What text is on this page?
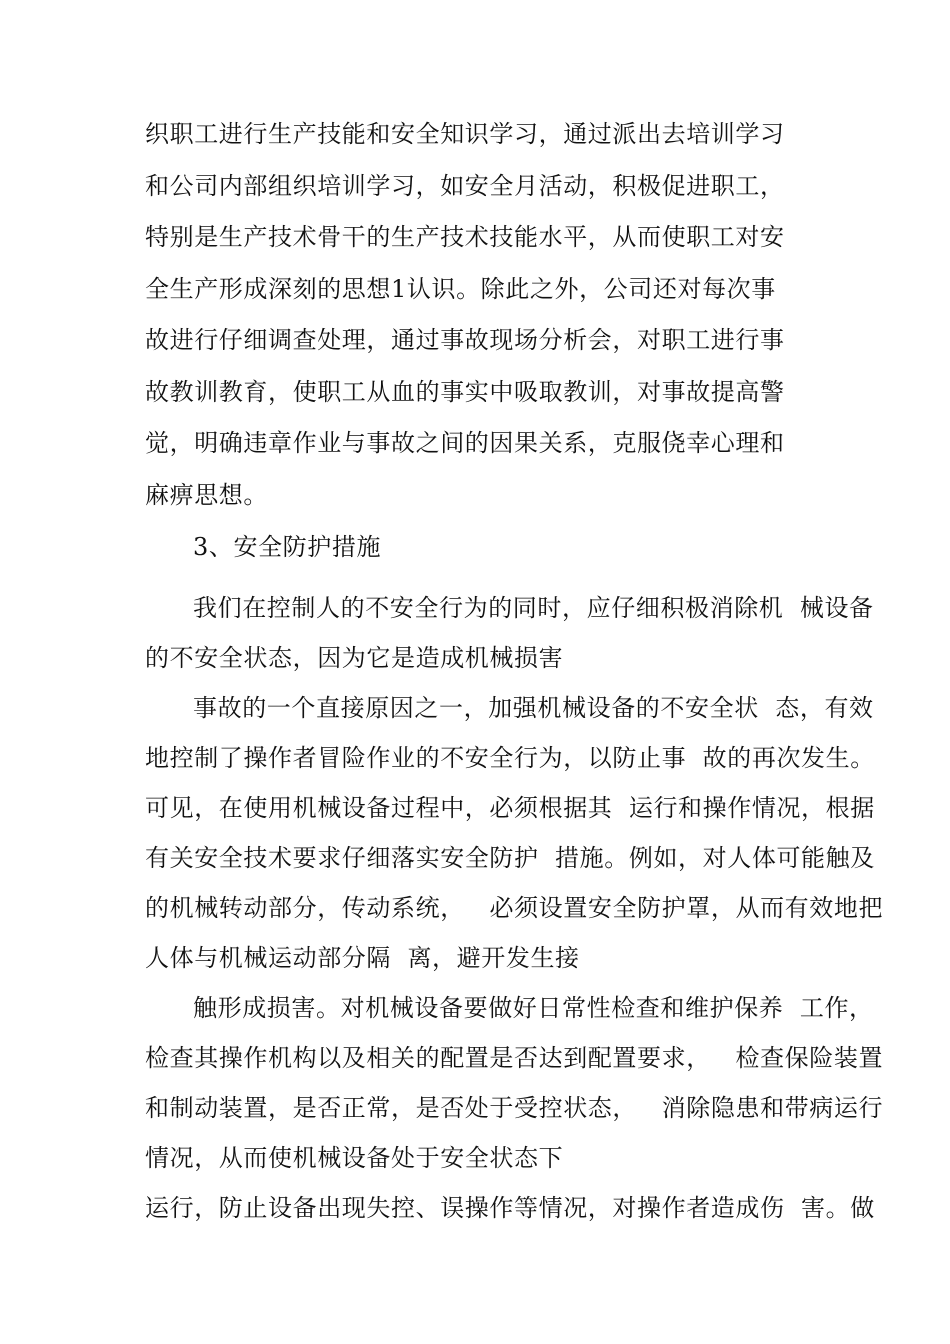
织职工进行生产技能和安全知识学习，通过派出去培训学习
和公司内部组织培训学习，如安全月活动，积极促进职工，
特别是生产技术骨干的生产技术技能水平，从而使职工对安
全生产形成深刻的思想1认识。除此之外，公司还对每次事
故进行仔细调查处理，通过事故现场分析会，对职工进行事
故教训教育，使职工从血的事实中吸取教训，对事故提高警
觉，明确违章作业与事故之间的因果关系，克服侥幸心理和
麻痹思想。
3、安全防护措施
我们在控制人的不安全行为的同时，应仔细积极消除机  械设备
的不安全状态，因为它是造成机械损害
事故的一个直接原因之一，加强机械设备的不安全状  态，有效
地控制了操作者冒险作业的不安全行为，以防止事  故的再次发生。
可见，在使用机械设备过程中，必须根据其  运行和操作情况，根据
有关安全技术要求仔细落实安全防护  措施。例如，对人体可能触及
的机械转动部分，传动系统，   必须设置安全防护罩，从而有效地把
人体与机械运动部分隔  离，避开发生接
触形成损害。对机械设备要做好日常性检查和维护保养  工作，
检查其操作机构以及相关的配置是否达到配置要求，   检查保险装置
和制动装置，是否正常，是否处于受控状态，   消除隐患和带病运行
情况，从而使机械设备处于安全状态下
运行，防止设备出现失控、误操作等情况，对操作者造成伤  害。做
